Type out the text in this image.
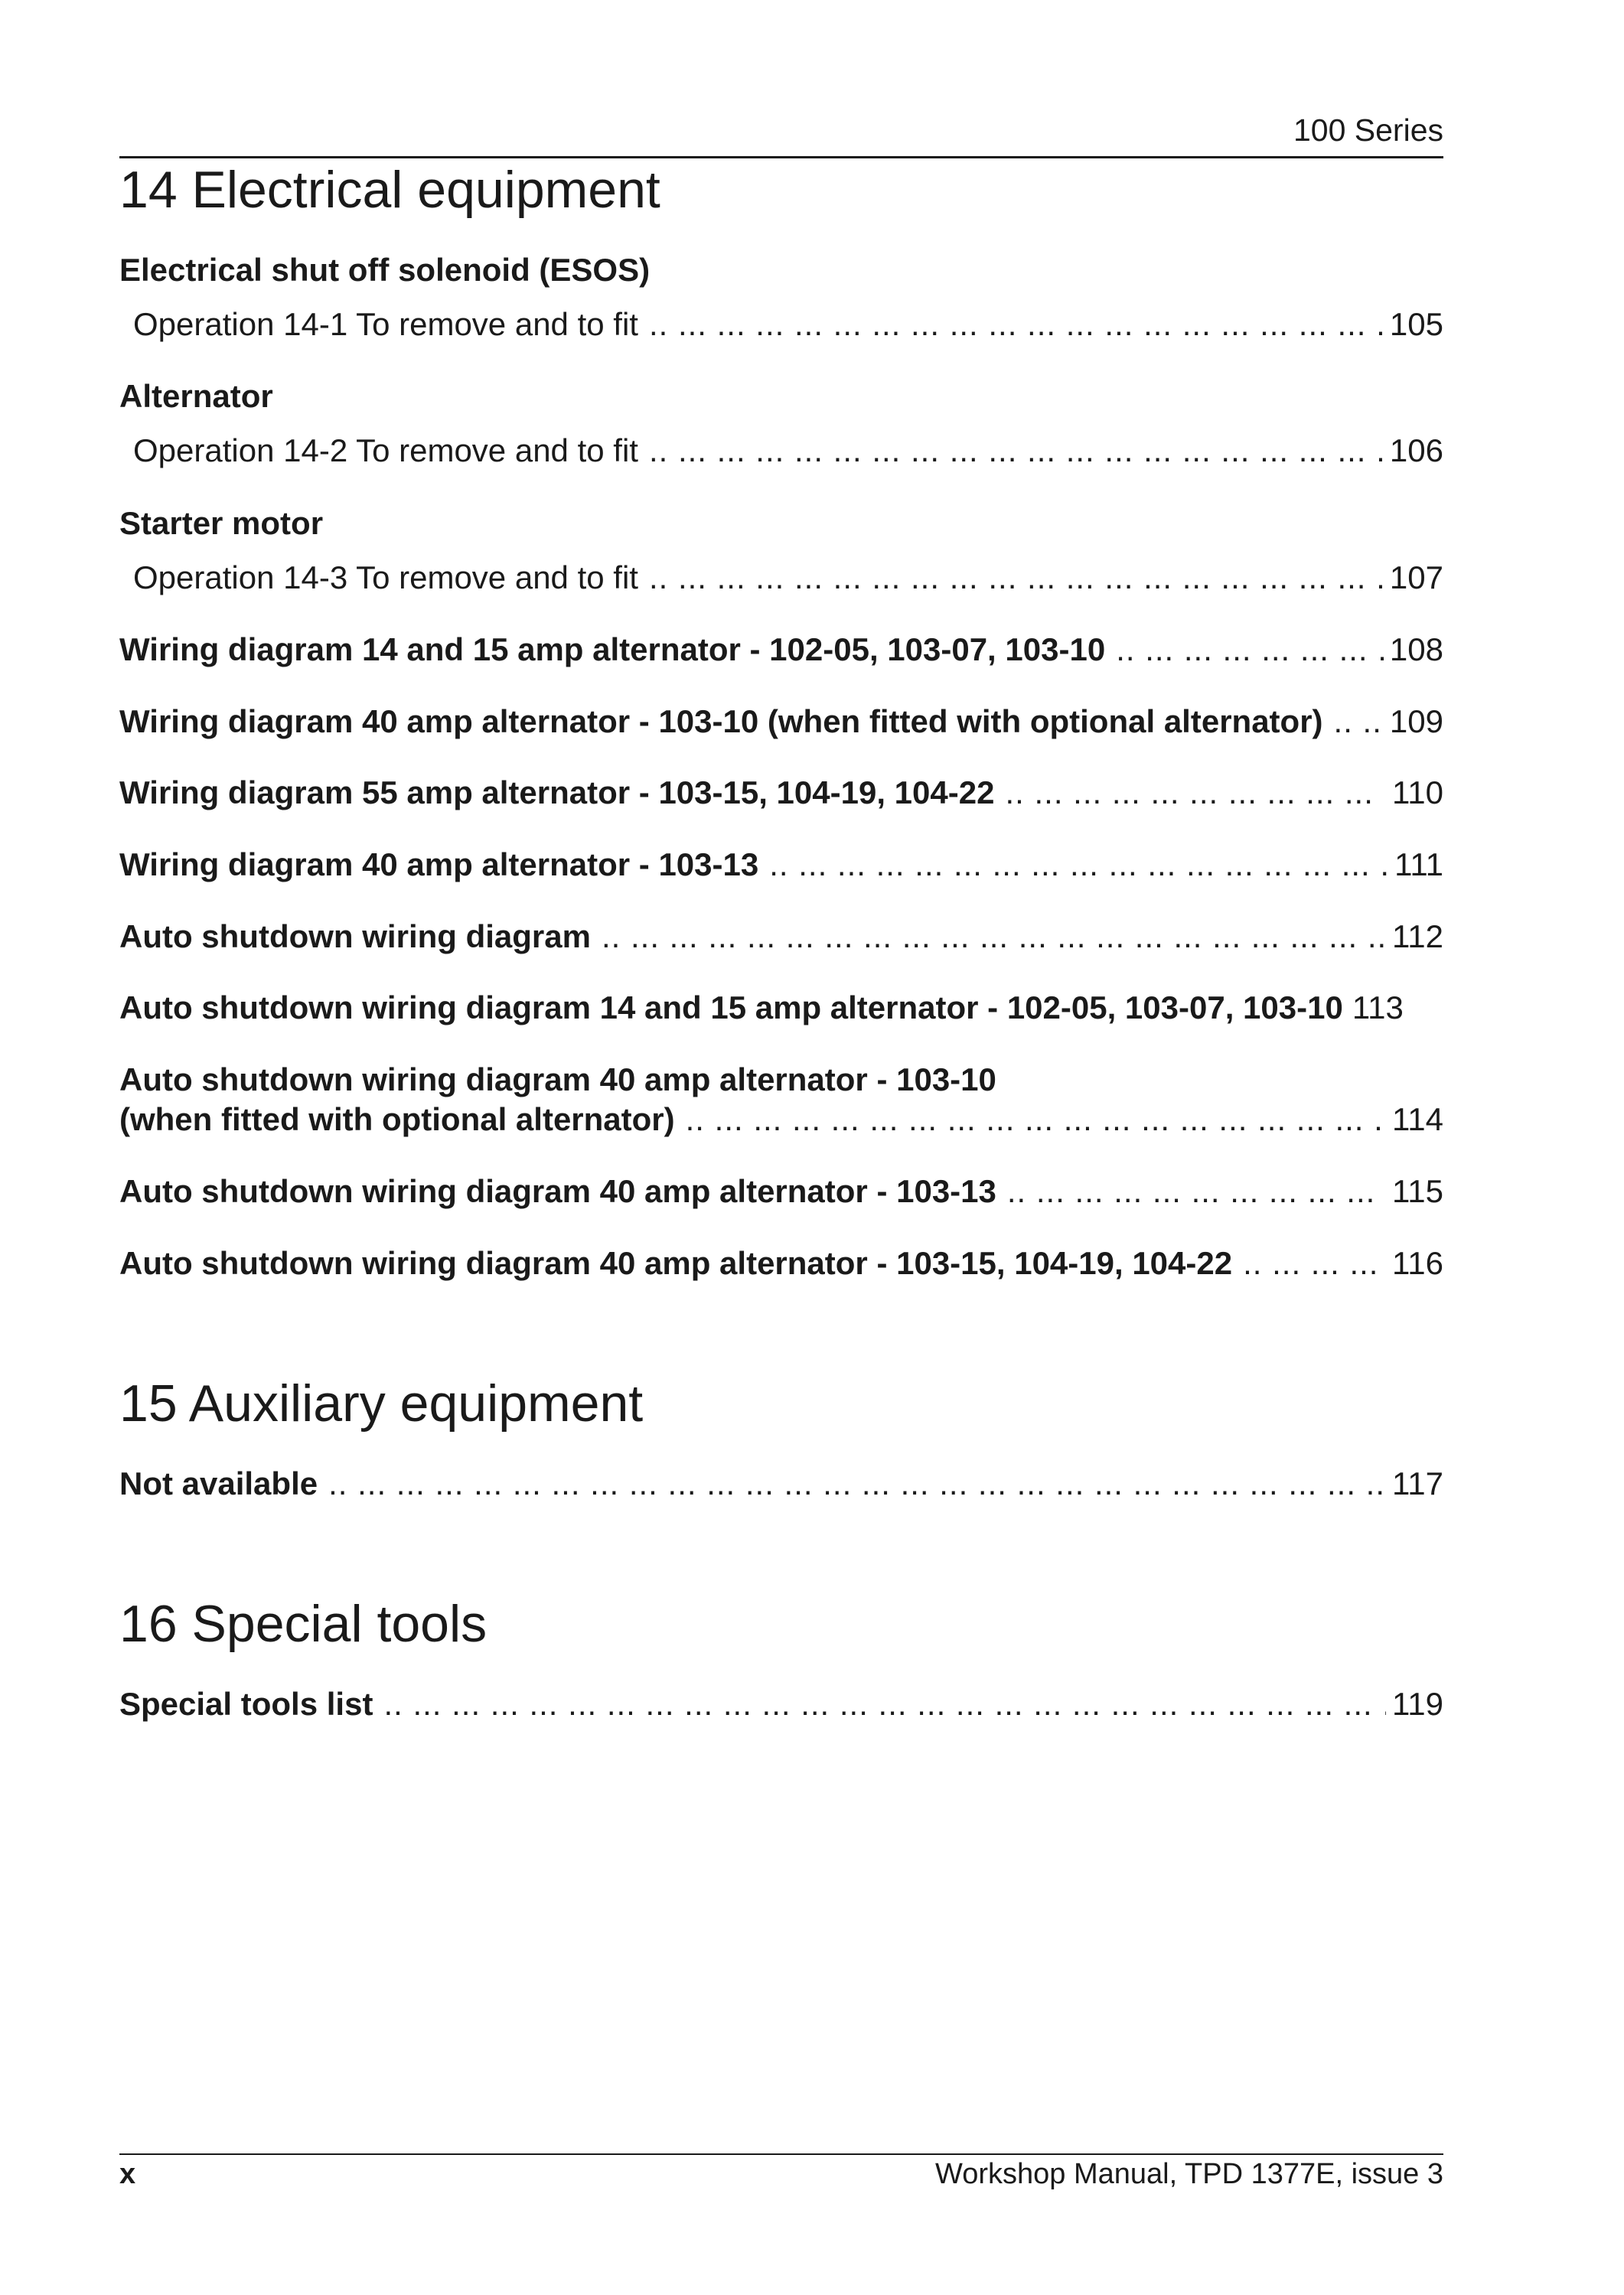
100 Series
14 Electrical equipment
Electrical shut off solenoid (ESOS)
Operation 14-1 To remove and to fit .. ..	105
Alternator
Operation 14-2 To remove and to fit .. ..	106
Starter motor
Operation 14-3 To remove and to fit .. ..	107
Wiring diagram 14 and 15 amp alternator - 102-05, 103-07, 103-10 .. ..	108
Wiring diagram 40 amp alternator - 103-10 (when fitted with optional alternator) .. .. 109
Wiring diagram 55 amp alternator - 103-15, 104-19, 104-22 .. ..	110
Wiring diagram 40 amp alternator - 103-13 .. ..	111
Auto shutdown wiring diagram .. ..	112
Auto shutdown wiring diagram 14 and 15 amp alternator - 102-05, 103-07, 103-10 113
Auto shutdown wiring diagram 40 amp alternator - 103-10
(when fitted with optional alternator) .. ..	114
Auto shutdown wiring diagram 40 amp alternator - 103-13 .. ..	115
Auto shutdown wiring diagram 40 amp alternator - 103-15, 104-19, 104-22 .. ..	116
15 Auxiliary equipment
Not available .. ..	117
16 Special tools
Special tools list .. ..	119
x	Workshop Manual, TPD 1377E, issue 3
